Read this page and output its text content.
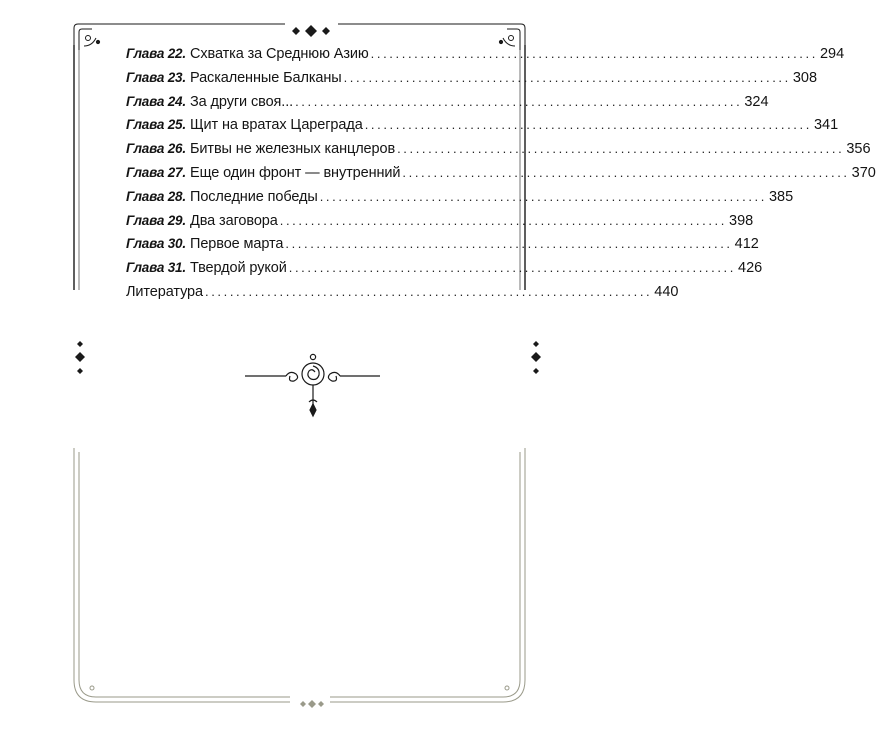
Глава 22. Схватка за Среднюю Азию ........................................................................ 294
Глава 23. Раскаленные Балканы ........................................................................ 308
Глава 24. За други своя... ........................................................................ 324
Глава 25. Щит на вратах Цареграда ........................................................................ 341
Глава 26. Битвы не железных канцлеров ........................................................................ 356
Глава 27. Еще один фронт — внутренний ........................................................................ 370
Глава 28. Последние победы ........................................................................ 385
Глава 29. Два заговора ........................................................................ 398
Глава 30. Первое марта ........................................................................ 412
Глава 31. Твердой рукой ........................................................................ 426
Литература ........................................................................ 440
